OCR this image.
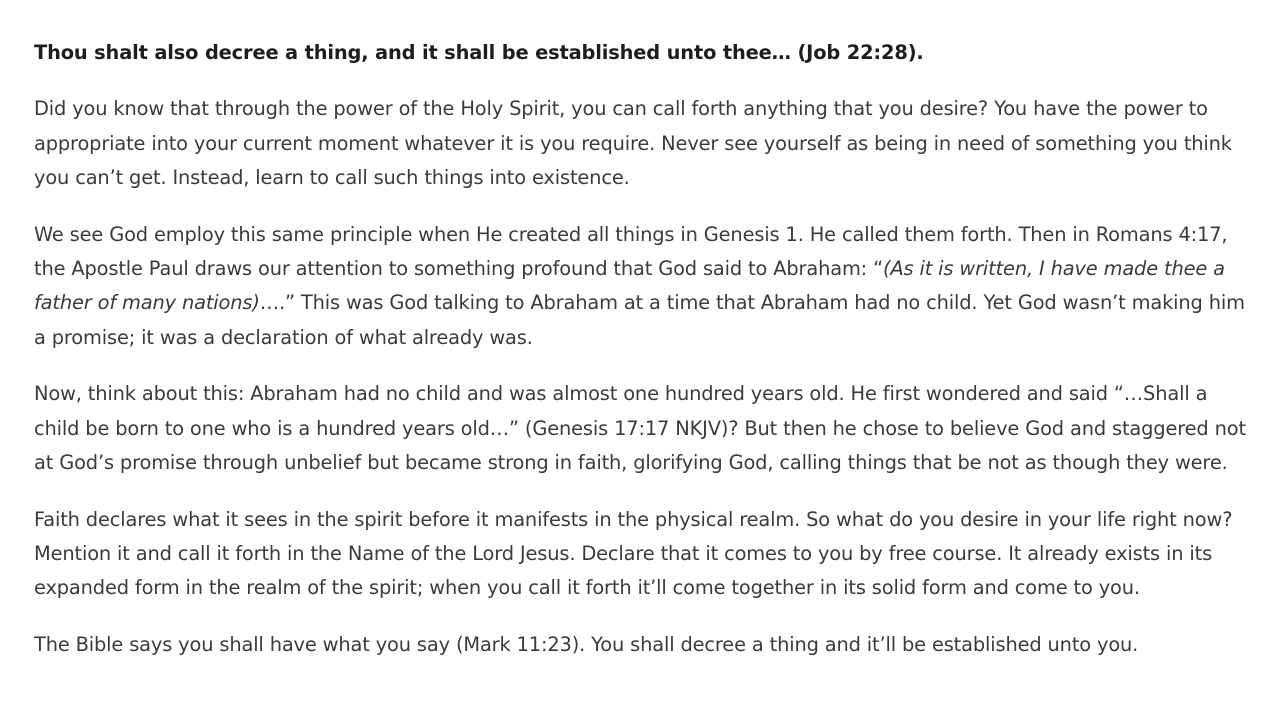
Thou shalt also decree a thing, and it shall be established unto thee… (Job 22:28).

Did you know that through the power of the Holy Spirit, you can call forth anything that you desire? You have the power to appropriate into your current moment whatever it is you require. Never see yourself as being in need of something you think you can’t get. Instead, learn to call such things into existence.

We see God employ this same principle when He created all things in Genesis 1. He called them forth. Then in Romans 4:17, the Apostle Paul draws our attention to something profound that God said to Abraham: “(As it is written, I have made thee a father of many nations)….” This was God talking to Abraham at a time that Abraham had no child. Yet God wasn’t making him a promise; it was a declaration of what already was.

Now, think about this: Abraham had no child and was almost one hundred years old. He first wondered and said “…Shall a child be born to one who is a hundred years old…” (Genesis 17:17 NKJV)? But then he chose to believe God and staggered not at God’s promise through unbelief but became strong in faith, glorifying God, calling things that be not as though they were.

Faith declares what it sees in the spirit before it manifests in the physical realm. So what do you desire in your life right now? Mention it and call it forth in the Name of the Lord Jesus. Declare that it comes to you by free course. It already exists in its expanded form in the realm of the spirit; when you call it forth it’ll come together in its solid form and come to you.

The Bible says you shall have what you say (Mark 11:23). You shall decree a thing and it’ll be established unto you.
